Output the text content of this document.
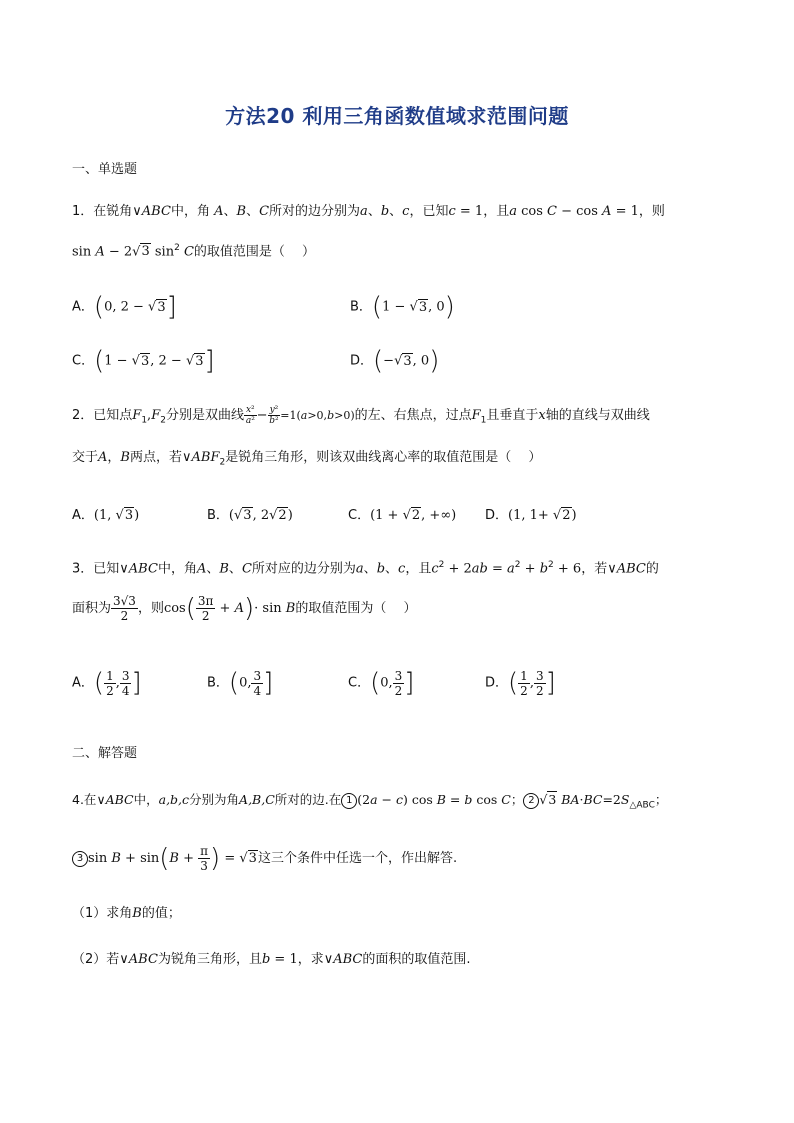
方法20 利用三角函数值域求范围问题
一、单选题
1．在锐角∨ABC中，角 A、B、C所对的边分别为a、b、c，已知c = 1，且a cos C − cos A = 1，则
sin A − 2√3 $\sin^2 C$的取值范围是（　 ）
A．(0, 2 − √3]	B．(1 − √3, 0)
C．(1 − √3, 2 − √3]	D．(−√3, 0)
2．已知点$F_1,F_2$分别是双曲线 $\frac{\text{x²}}{\text{a²}} - \frac{\text{y²}}{\text{b²}} =1(a>0,b>0)$的左、右焦点，过点$F_1$且垂直于x轴的直线与双曲线
交于A，B两点，若$\vee ABF_2$是锐角三角形，则该双曲线离心率的取值范围是（　 ）
A．(1, √3)	B．(√3, 2√2)	C．(1 + √2, +∞) D．(1, 1+ √2)
3．已知∨ABC中，角A、B、C所对应的边分别为a、b、c，且$c^2 + 2ab = a^2 + b^2 + 6$，若∨ABC的
面积为 $\frac{3√3}{2}$ ，则$\cos( \frac{3\pi}{2} + A)\cdot \sin B$的取值范围为（　 ）
A．( $\frac{1}{2}$ , $\frac{3}{4}$ ]	B．(0, $\frac{3}{4}$ ]	C．(0, $\frac{3}{2}$ ]	D．( $\frac{1}{2}$ , $\frac{3}{2}$ ]
二、解答题
4.在∨ABC中，a,b,c分别为角A,B,C所对的边.在 1 (2a − c) cos B = b cos C； 2 √3 $BA\cdot BC=2S_{\triangle ABC}$；
3 $\sin B + \sin(B + \frac{\pi}{3}$ ) = √3这三个条件中任选一个，作出解答.
（1）求角B的值；
（2）若∨ABC为锐角三角形，且b = 1，求∨ABC的面积的取值范围.
